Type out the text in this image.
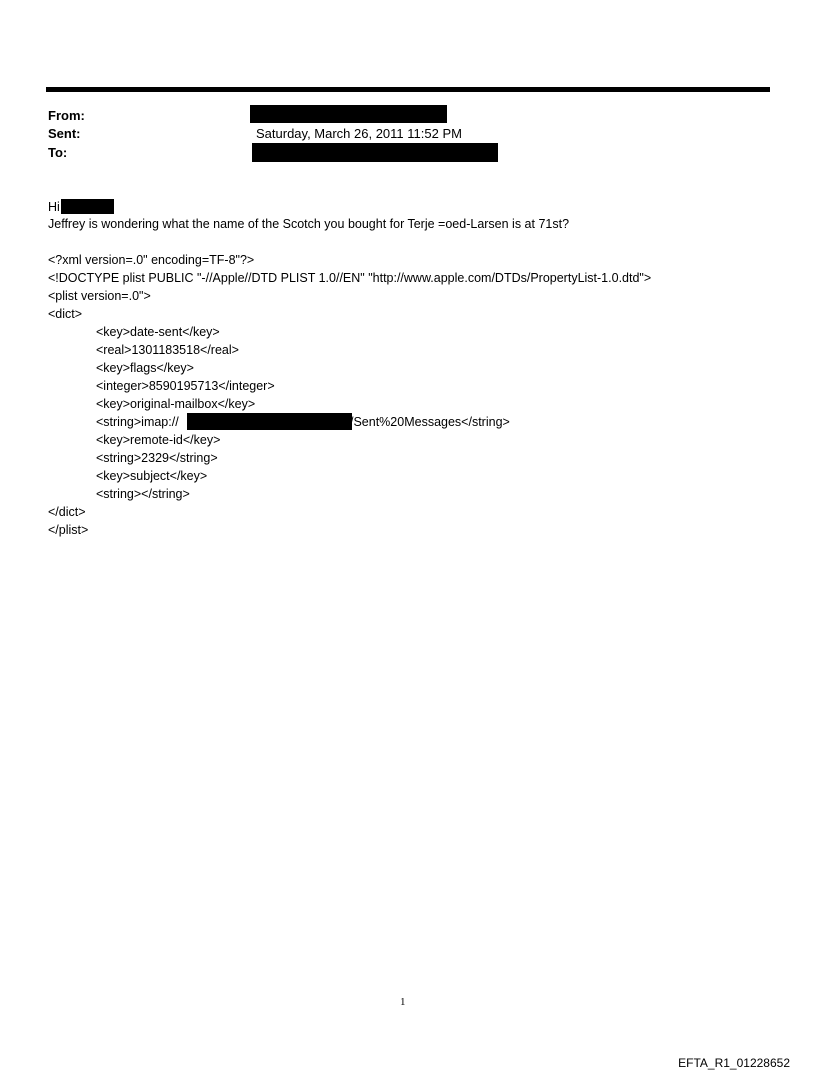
From:
Sent:	Saturday, March 26, 2011 11:52 PM
To:
Hi
Jeffrey is wondering what the name of the Scotch you bought for Terje =oed-Larsen is at 71st?
<?xml version=.0" encoding=TF-8"?>
<!DOCTYPE plist PUBLIC "-//Apple//DTD PLIST 1.0//EN" "http://www.apple.com/DTDs/PropertyList-1.0.dtd">
<plist version=.0">
<dict>
<key>date-sent</key>
<real>1301183518</real>
<key>flags</key>
<integer>8590195713</integer>
<key>original-mailbox</key>
<string>imap://	/Sent%20Messages</string>
<key>remote-id</key>
<string>2329</string>
<key>subject</key>
<string></string>
</dict>
</plist>
1
EFTA_R1_01228652
